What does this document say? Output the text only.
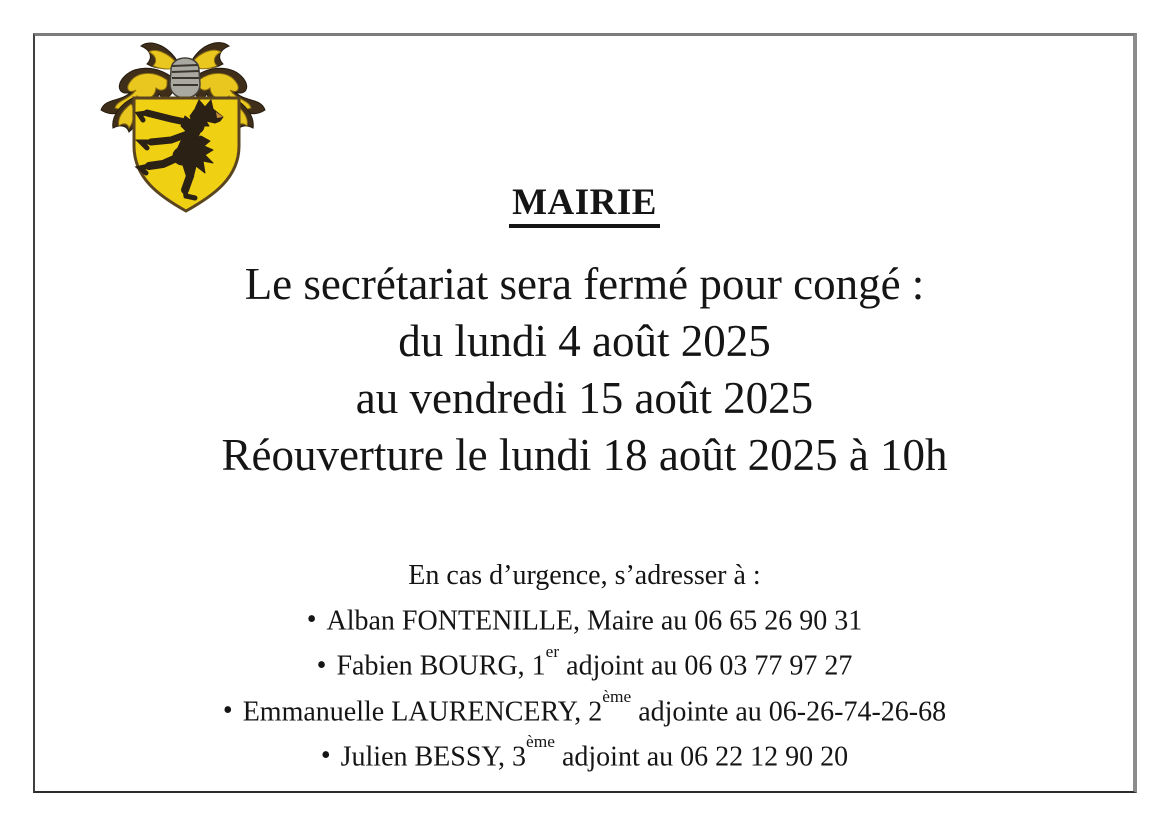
MAIRIE
Le secrétariat sera fermé pour congé :
du lundi 4 août 2025
au vendredi 15 août 2025
Réouverture le lundi 18 août 2025 à 10h
En cas d’urgence, s’adresser à :
• Alban FONTENILLE, Maire au 06 65 26 90 31
• Fabien BOURG, 1er adjoint au 06 03 77 97 27
• Emmanuelle LAURENCERY, 2ème adjointe au 06-26-74-26-68
• Julien BESSY, 3ème adjoint au 06 22 12 90 20
